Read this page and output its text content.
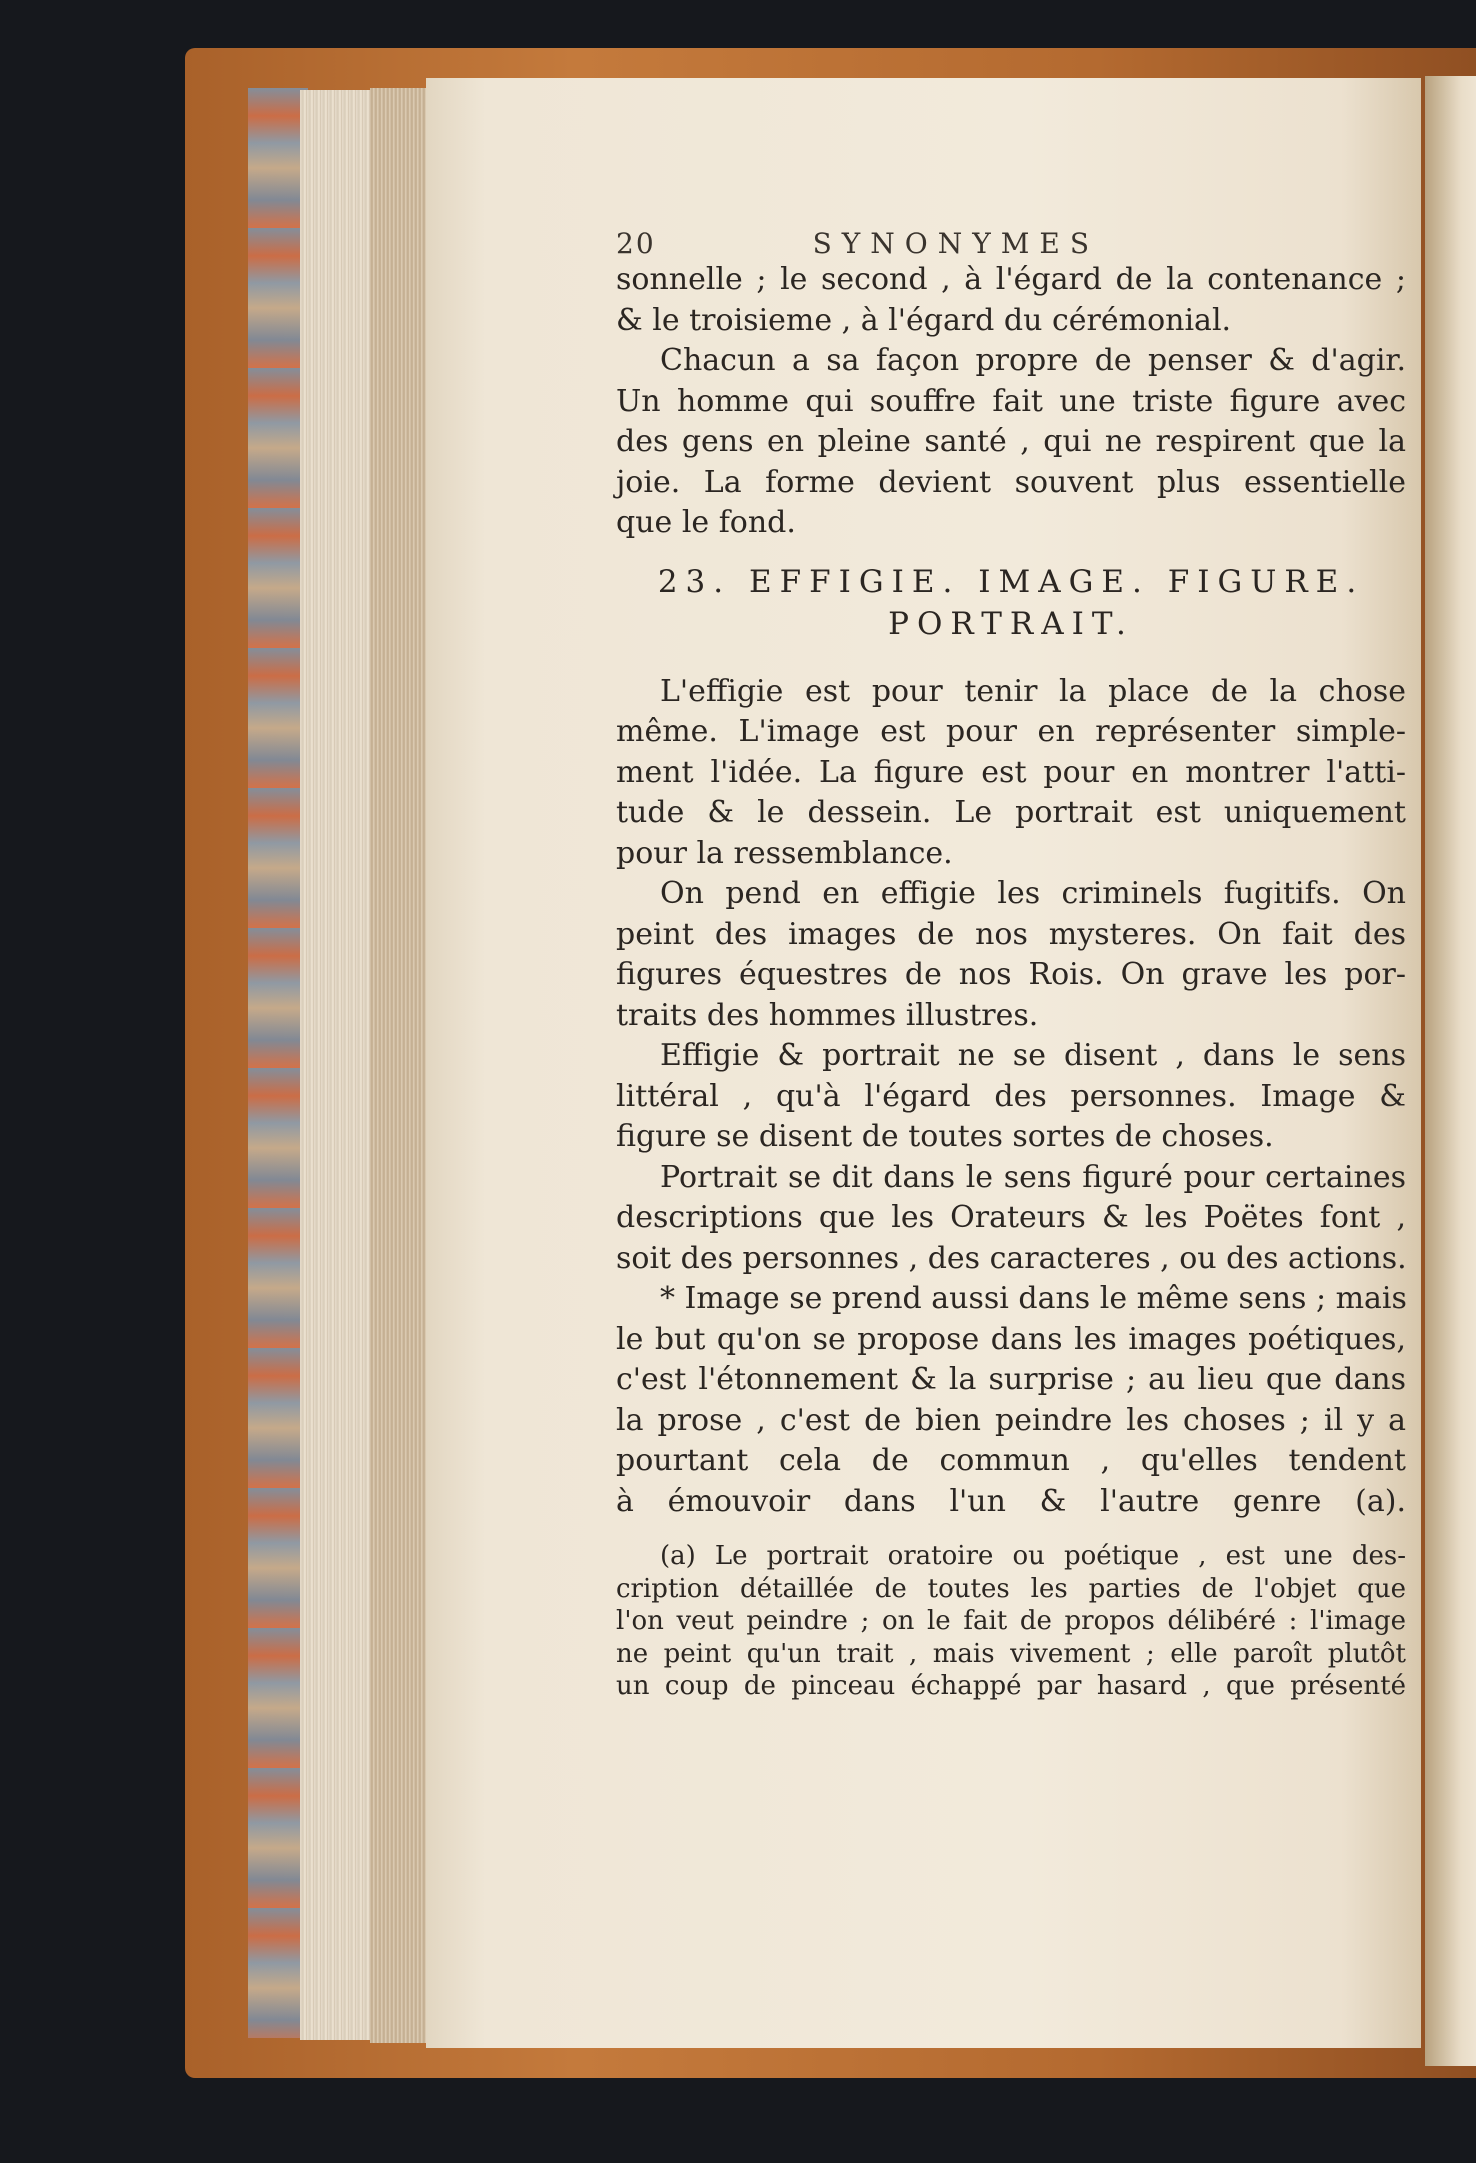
20	SYNONYMES
sonnelle ; le second , à l'égard de la contenance ;
& le troisieme , à l'égard du cérémonial.
Chacun a sa façon propre de penser & d'agir.
Un homme qui souffre fait une triste figure avec
des gens en pleine santé , qui ne respirent que la
joie. La forme devient souvent plus essentielle
que le fond.
23. EFFIGIE. IMAGE. FIGURE.
PORTRAIT.
L'effigie est pour tenir la place de la chose
même. L'image est pour en représenter simple-
ment l'idée. La figure est pour en montrer l'atti-
tude & le dessein. Le portrait est uniquement
pour la ressemblance.
On pend en effigie les criminels fugitifs. On
peint des images de nos mysteres. On fait des
figures équestres de nos Rois. On grave les por-
traits des hommes illustres.
Effigie & portrait ne se disent , dans le sens
littéral , qu'à l'égard des personnes. Image &
figure se disent de toutes sortes de choses.
Portrait se dit dans le sens figuré pour certaines
descriptions que les Orateurs & les Poëtes font ,
soit des personnes , des caracteres , ou des actions.
* Image se prend aussi dans le même sens ; mais
le but qu'on se propose dans les images poétiques,
c'est l'étonnement & la surprise ; au lieu que dans
la prose , c'est de bien peindre les choses ; il y a
pourtant cela de commun , qu'elles tendent
à émouvoir dans l'un & l'autre genre (a).
(a) Le portrait oratoire ou poétique , est une des-
cription détaillée de toutes les parties de l'objet que
l'on veut peindre ; on le fait de propos délibéré : l'image
ne peint qu'un trait , mais vivement ; elle paroît plutôt
un coup de pinceau échappé par hasard , que présenté
